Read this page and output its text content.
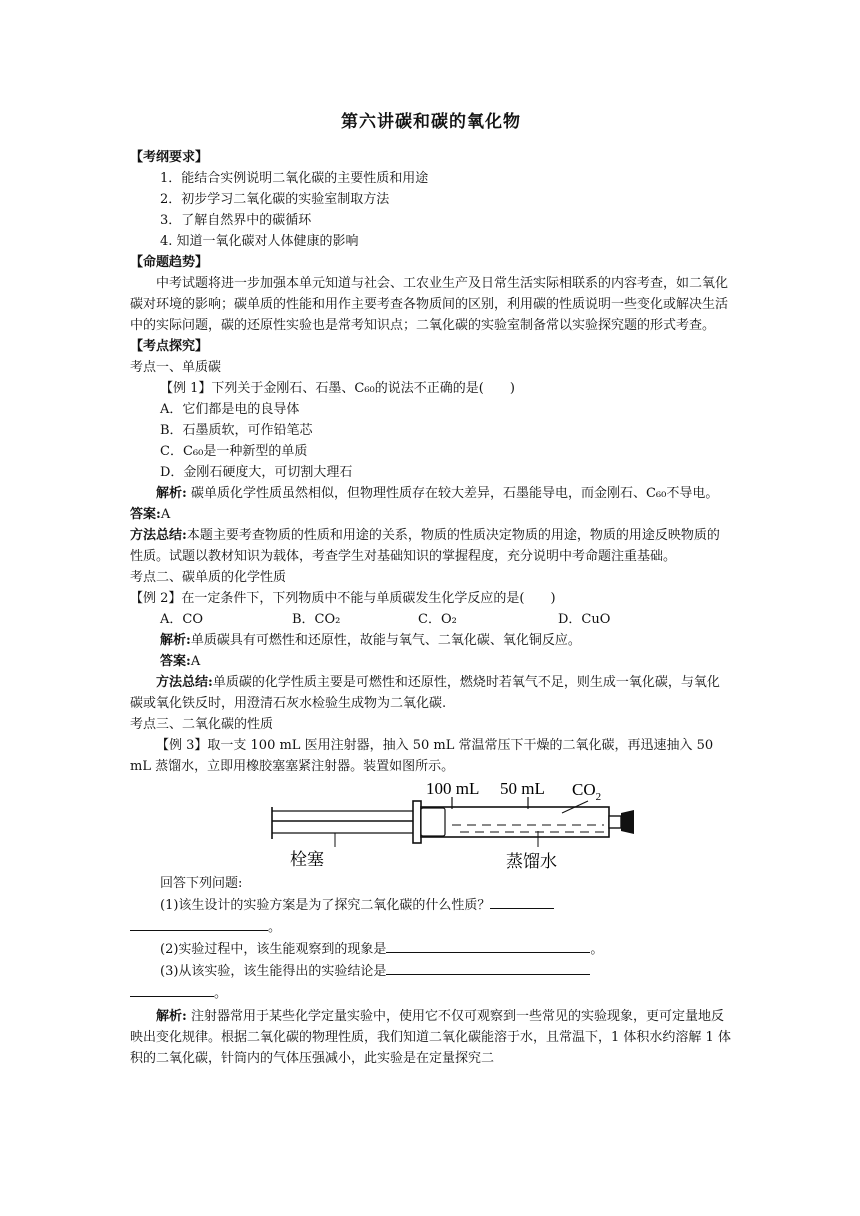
第六讲碳和碳的氧化物
【考纲要求】
1．能结合实例说明二氧化碳的主要性质和用途
2．初步学习二氧化碳的实验室制取方法
3．了解自然界中的碳循环
4. 知道一氧化碳对人体健康的影响
【命题趋势】

中考试题将进一步加强本单元知道与社会、工农业生产及日常生活实际相联系的内容考查，如二氧化碳对环境的影响；碳单质的性能和用作主要考查各物质间的区别，利用碳的性质说明一些变化或解决生活中的实际问题，碳的还原性实验也是常考知识点；二氧化碳的实验室制备常以实验探究题的形式考查。

【考点探究】
考点一、单质碳
【例 1】下列关于金刚石、石墨、C₆₀的说法不正确的是(　　)
A．它们都是电的良导体
B．石墨质软，可作铅笔芯
C．C₆₀是一种新型的单质
D．金刚石硬度大，可切割大理石

解析: 碳单质化学性质虽然相似，但物理性质存在较大差异，石墨能导电，而金刚石、C₆₀不导电。

答案:A

方法总结:本题主要考查物质的性质和用途的关系，物质的性质决定物质的用途，物质的用途反映物质的性质。试题以教材知识为载体，考查学生对基础知识的掌握程度，充分说明中考命题注重基础。

考点二、碳单质的化学性质
【例 2】在一定条件下，下列物质中不能与单质碳发生化学反应的是(　　)
A．CO	B．CO₂	C．O₂	D．CuO
解析:单质碳具有可燃性和还原性，故能与氧气、二氧化碳、氧化铜反应。
答案:A

方法总结:单质碳的化学性质主要是可燃性和还原性，燃烧时若氧气不足，则生成一氧化碳，与氧化碳或氧化铁反时，用澄清石灰水检验生成物为二氧化碳.

考点三、二氧化碳的性质

【例 3】取一支 100 mL 医用注射器，抽入 50 mL 常温常压下干燥的二氧化碳，再迅速抽入 50 mL 蒸馏水，立即用橡胶塞塞紧注射器。装置如图所示。

100 mL 50 mL $CO_2$
栓塞	蒸馏水
回答下列问题:
(1)该生设计的实验方案是为了探究二氧化碳的什么性质？
。
(2)实验过程中，该生能观察到的现象是	。
(3)从该实验，该生能得出的实验结论是
。

解析: 注射器常用于某些化学定量实验中，使用它不仅可观察到一些常见的实验现象，更可定量地反映出变化规律。根据二氧化碳的物理性质，我们知道二氧化碳能溶于水，且常温下，1 体积水约溶解 1 体积的二氧化碳，针筒内的气体压强减小，此实验是在定量探究二
